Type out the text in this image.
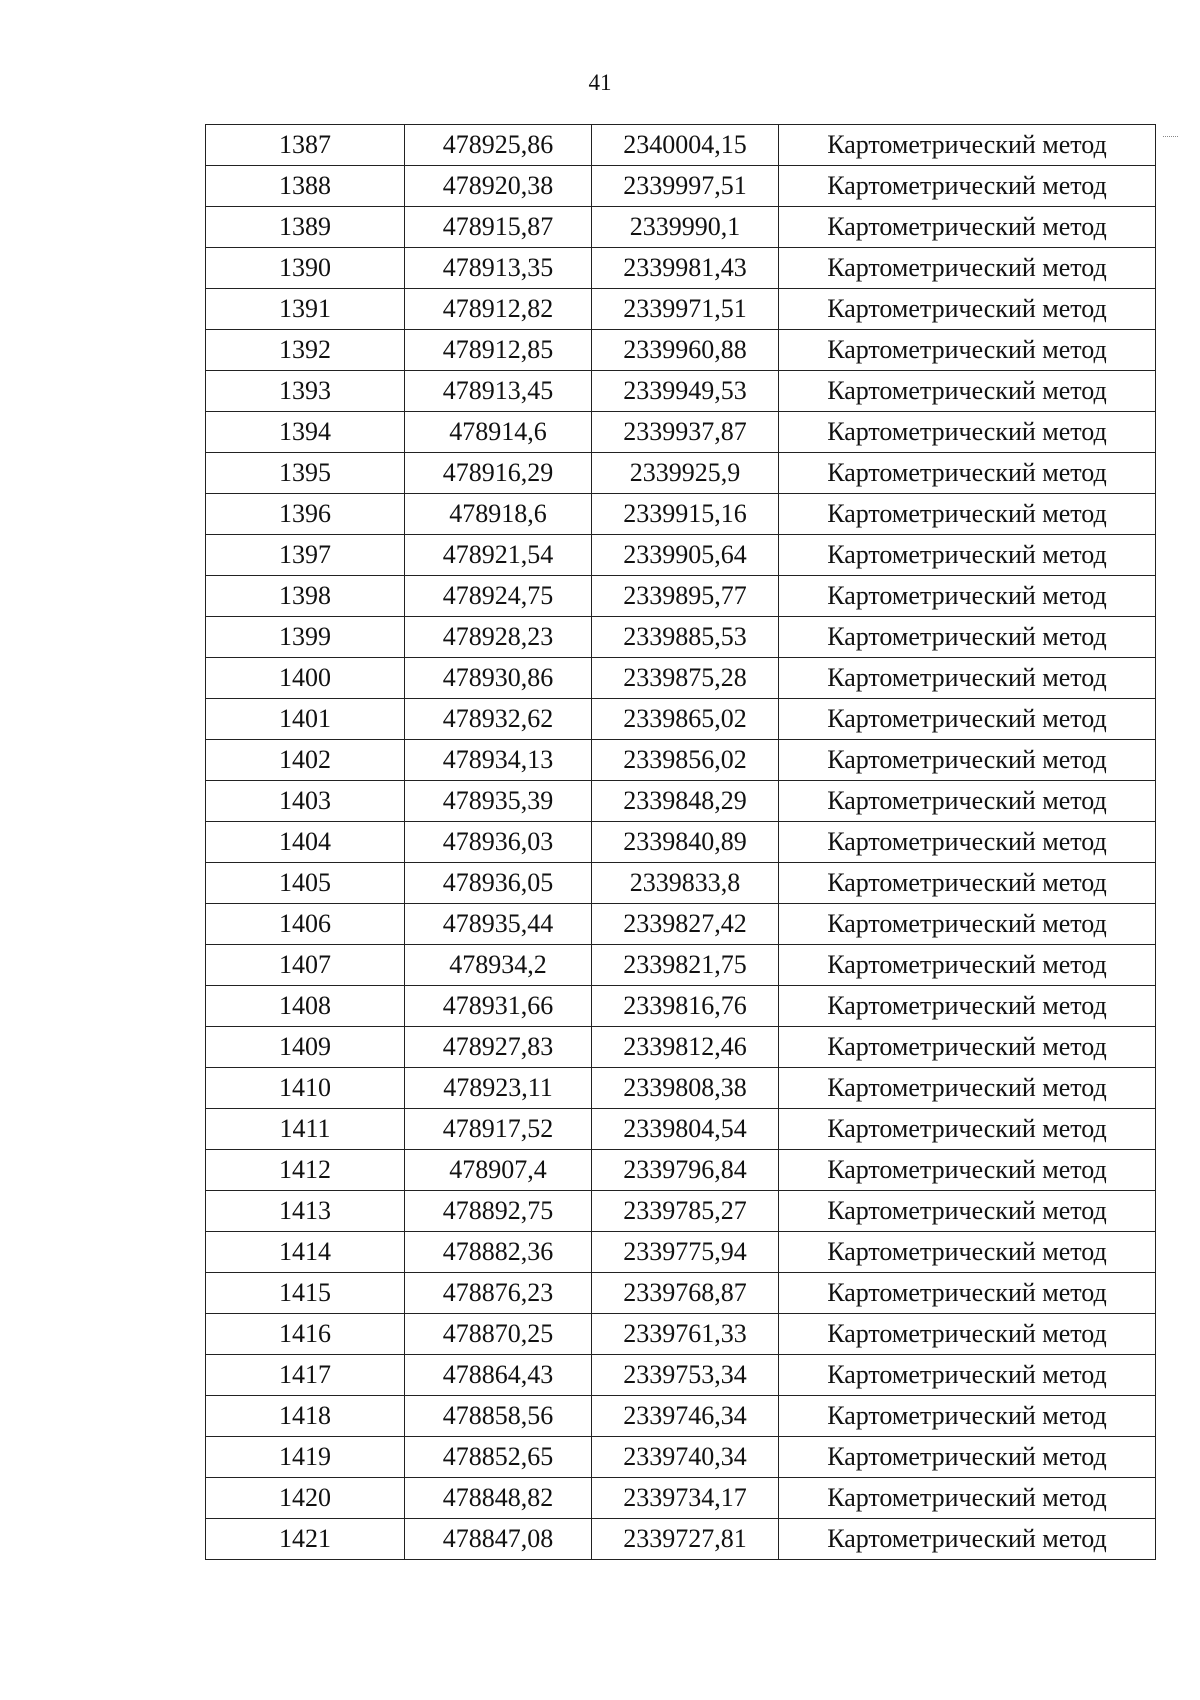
41
1387	478925,86	2340004,15	Картометрический метод
1388	478920,38	2339997,51	Картометрический метод
1389	478915,87	2339990,1	Картометрический метод
1390	478913,35	2339981,43	Картометрический метод
1391	478912,82	2339971,51	Картометрический метод
1392	478912,85	2339960,88	Картометрический метод
1393	478913,45	2339949,53	Картометрический метод
1394	478914,6	2339937,87	Картометрический метод
1395	478916,29	2339925,9	Картометрический метод
1396	478918,6	2339915,16	Картометрический метод
1397	478921,54	2339905,64	Картометрический метод
1398	478924,75	2339895,77	Картометрический метод
1399	478928,23	2339885,53	Картометрический метод
1400	478930,86	2339875,28	Картометрический метод
1401	478932,62	2339865,02	Картометрический метод
1402	478934,13	2339856,02	Картометрический метод
1403	478935,39	2339848,29	Картометрический метод
1404	478936,03	2339840,89	Картометрический метод
1405	478936,05	2339833,8	Картометрический метод
1406	478935,44	2339827,42	Картометрический метод
1407	478934,2	2339821,75	Картометрический метод
1408	478931,66	2339816,76	Картометрический метод
1409	478927,83	2339812,46	Картометрический метод
1410	478923,11	2339808,38	Картометрический метод
1411	478917,52	2339804,54	Картометрический метод
1412	478907,4	2339796,84	Картометрический метод
1413	478892,75	2339785,27	Картометрический метод
1414	478882,36	2339775,94	Картометрический метод
1415	478876,23	2339768,87	Картометрический метод
1416	478870,25	2339761,33	Картометрический метод
1417	478864,43	2339753,34	Картометрический метод
1418	478858,56	2339746,34	Картометрический метод
1419	478852,65	2339740,34	Картометрический метод
1420	478848,82	2339734,17	Картометрический метод
1421	478847,08	2339727,81	Картометрический метод
